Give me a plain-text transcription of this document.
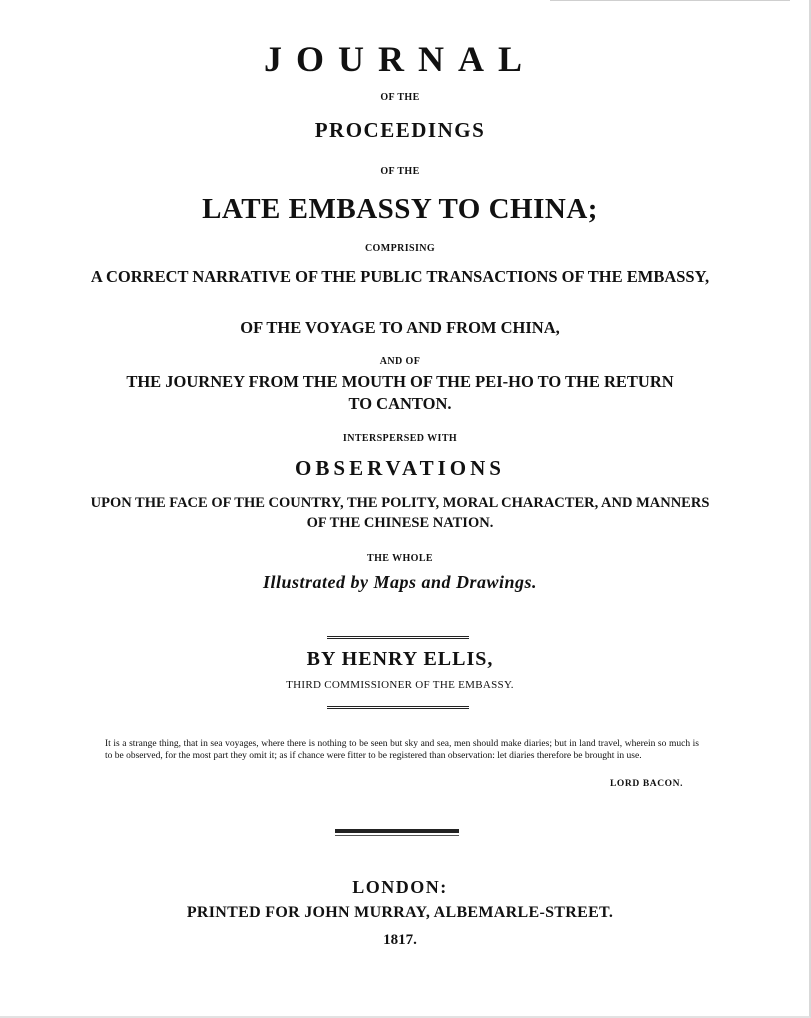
JOURNAL
OF THE
PROCEEDINGS
OF THE
LATE EMBASSY TO CHINA;
COMPRISING
A CORRECT NARRATIVE OF THE PUBLIC TRANSACTIONS OF THE EMBASSY,
OF THE VOYAGE TO AND FROM CHINA,
AND OF
THE JOURNEY FROM THE MOUTH OF THE PEI-HO TO THE RETURN TO CANTON.
INTERSPERSED WITH
OBSERVATIONS
UPON THE FACE OF THE COUNTRY, THE POLITY, MORAL CHARACTER, AND MANNERS OF THE CHINESE NATION.
THE WHOLE
Illustrated by Maps and Drawings.
BY HENRY ELLIS,
THIRD COMMISSIONER OF THE EMBASSY.
It is a strange thing, that in sea voyages, where there is nothing to be seen but sky and sea, men should make diaries; but in land travel, wherein so much is to be observed, for the most part they omit it; as if chance were fitter to be registered than observation: let diaries therefore be brought in use.
LORD BACON.
LONDON:
PRINTED FOR JOHN MURRAY, ALBEMARLE-STREET.
1817.
